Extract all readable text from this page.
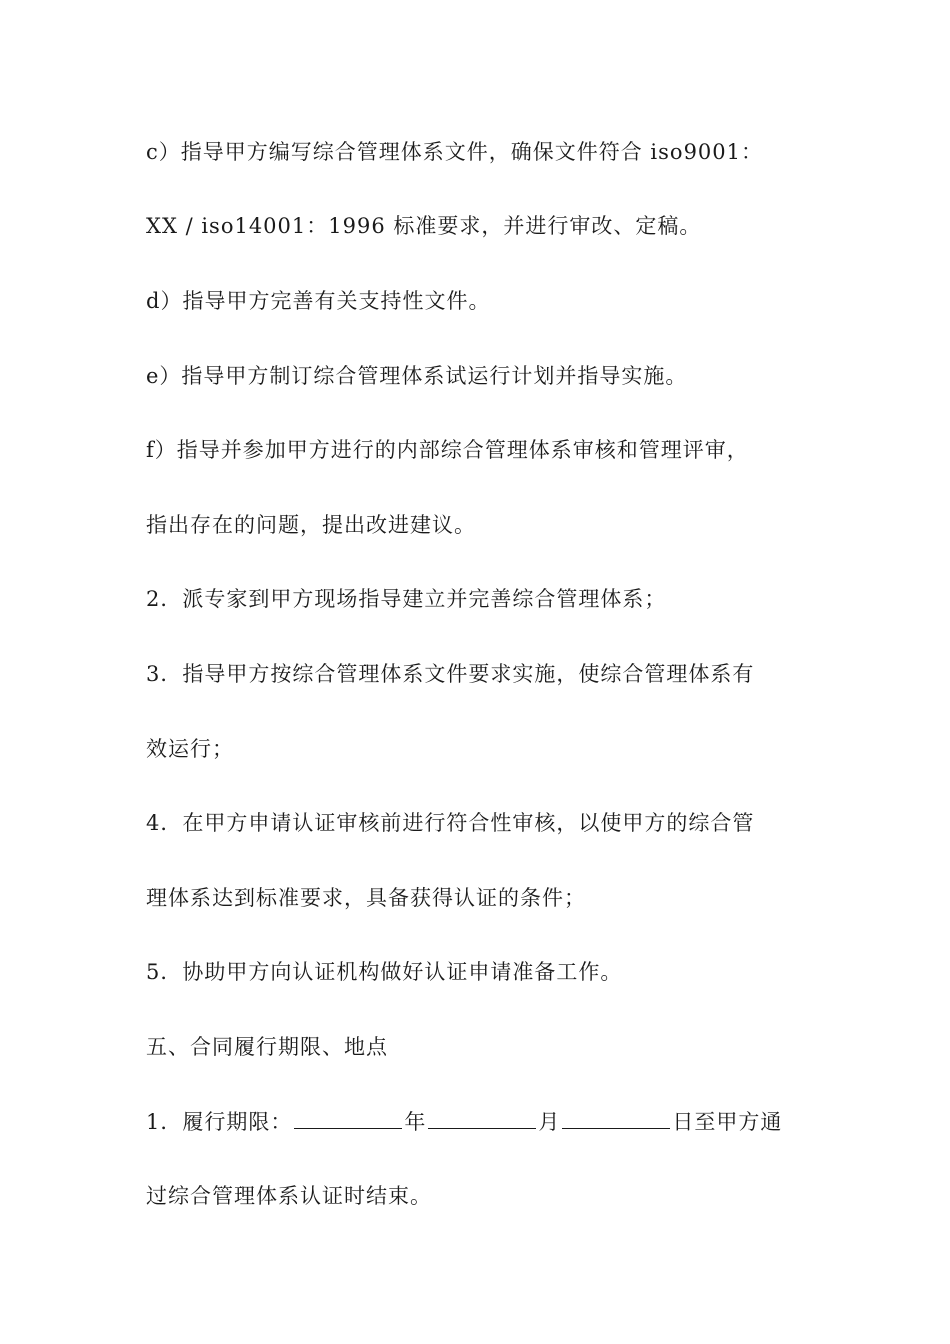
c）指导甲方编写综合管理体系文件，确保文件符合 iso9001：
XX / iso14001：1996 标准要求，并进行审改、定稿。
d）指导甲方完善有关支持性文件。
e）指导甲方制订综合管理体系试运行计划并指导实施。
f）指导并参加甲方进行的内部综合管理体系审核和管理评审，
指出存在的问题，提出改进建议。
2．派专家到甲方现场指导建立并完善综合管理体系；
3．指导甲方按综合管理体系文件要求实施，使综合管理体系有
效运行；
4．在甲方申请认证审核前进行符合性审核，以使甲方的综合管
理体系达到标准要求，具备获得认证的条件；
5．协助甲方向认证机构做好认证申请准备工作。
五、合同履行期限、地点
1．履行期限：	年	月	日至甲方通
过综合管理体系认证时结束。
